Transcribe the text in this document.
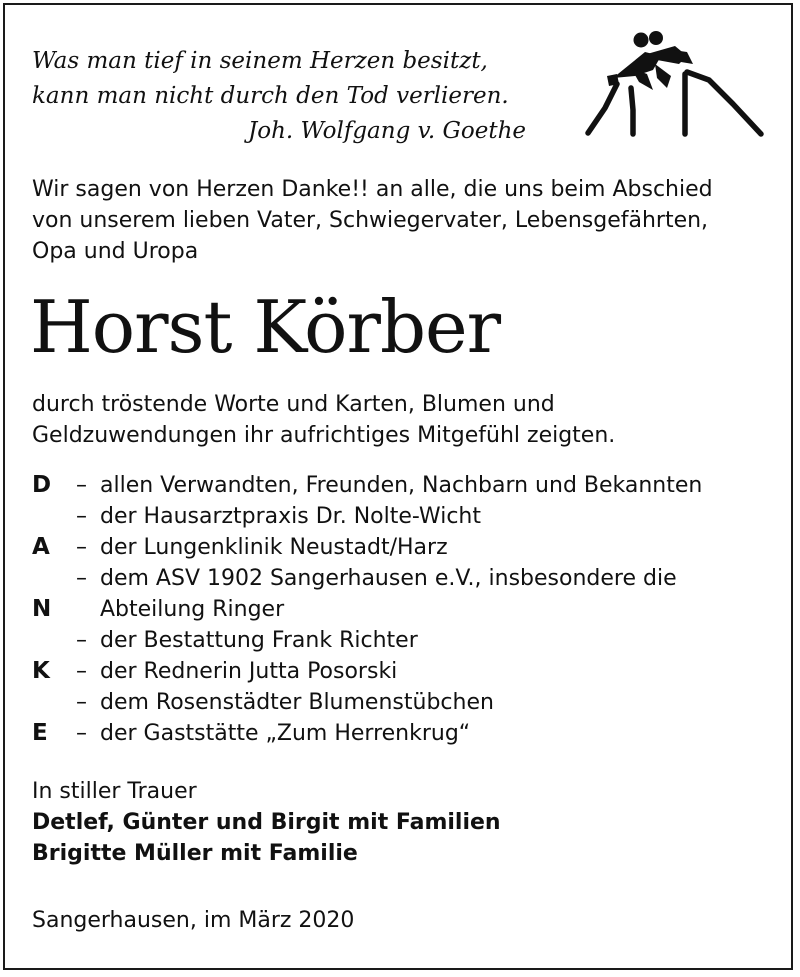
Was man tief in seinem Herzen besitzt,
kann man nicht durch den Tod verlieren.
Joh. Wolfgang v. Goethe
Wir sagen von Herzen Danke!! an alle, die uns beim Abschied
von unserem lieben Vater, Schwiegervater, Lebensgefährten,
Opa und Uropa
Horst Körber
durch tröstende Worte und Karten, Blumen und
Geldzuwendungen ihr aufrichtiges Mitgefühl zeigten.
D	– allen Verwandten, Freunden, Nachbarn und Bekannten
– der Hausarztpraxis Dr. Nolte-Wicht
A	– der Lungenklinik Neustadt/Harz
– dem ASV 1902 Sangerhausen e.V., insbesondere die
N	Abteilung Ringer
– der Bestattung Frank Richter
K	– der Rednerin Jutta Posorski
– dem Rosenstädter Blumenstübchen
E	– der Gaststätte „Zum Herrenkrug“
In stiller Trauer
Detlef, Günter und Birgit mit Familien
Brigitte Müller mit Familie
Sangerhausen, im März 2020
